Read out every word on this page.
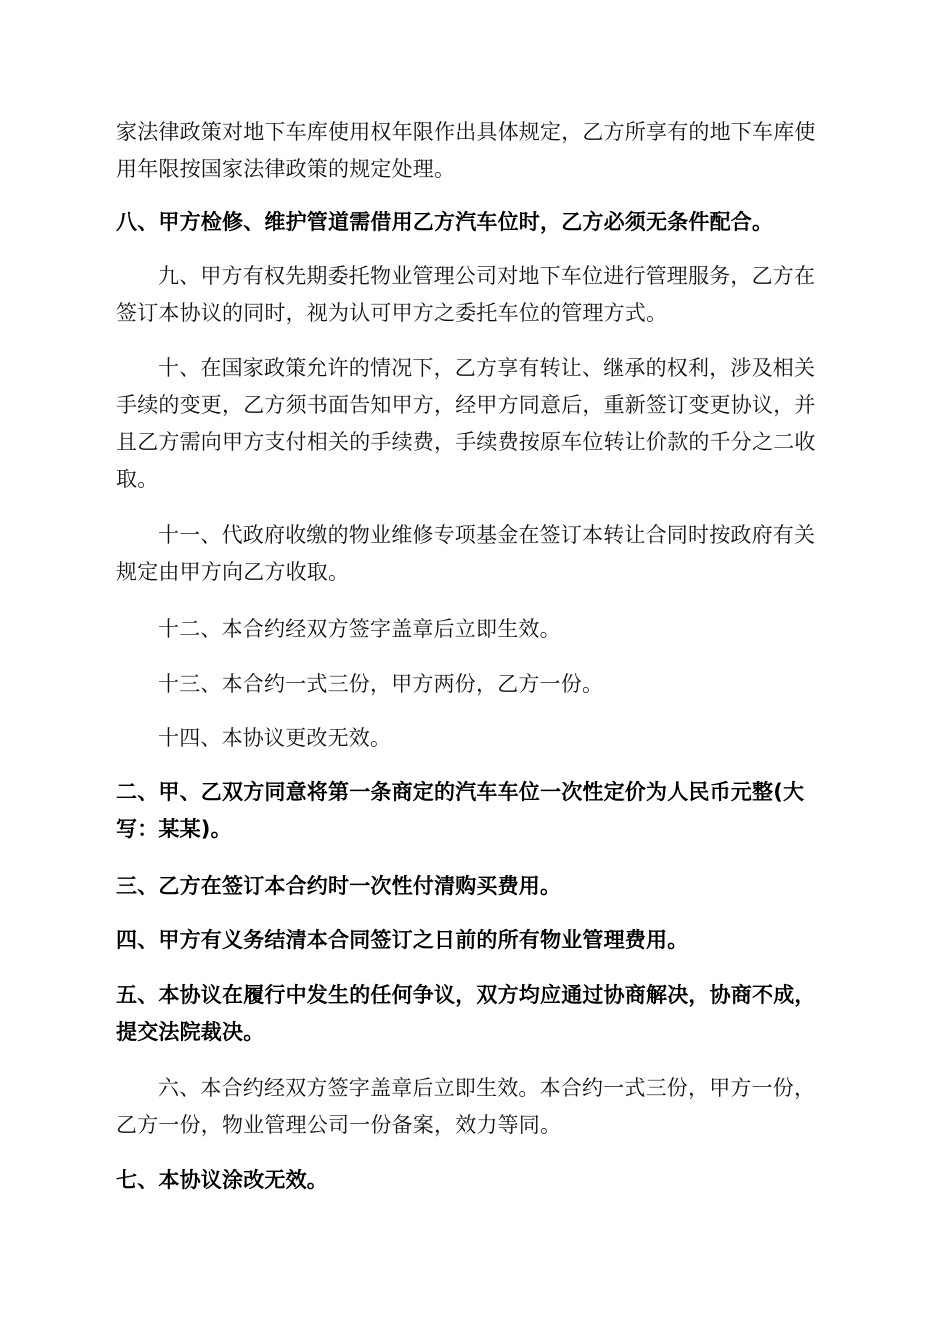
家法律政策对地下车库使用权年限作出具体规定，乙方所享有的地下车库使用年限按国家法律政策的规定处理。

八、甲方检修、维护管道需借用乙方汽车位时，乙方必须无条件配合。

九、甲方有权先期委托物业管理公司对地下车位进行管理服务，乙方在签订本协议的同时，视为认可甲方之委托车位的管理方式。

十、在国家政策允许的情况下，乙方享有转让、继承的权利，涉及相关手续的变更，乙方须书面告知甲方，经甲方同意后，重新签订变更协议，并且乙方需向甲方支付相关的手续费，手续费按原车位转让价款的千分之二收取。

十一、代政府收缴的物业维修专项基金在签订本转让合同时按政府有关规定由甲方向乙方收取。

十二、本合约经双方签字盖章后立即生效。

十三、本合约一式三份，甲方两份，乙方一份。

十四、本协议更改无效。

二、甲、乙双方同意将第一条商定的汽车车位一次性定价为人民币元整(大写：某某)。

三、乙方在签订本合约时一次性付清购买费用。

四、甲方有义务结清本合同签订之日前的所有物业管理费用。

五、本协议在履行中发生的任何争议，双方均应通过协商解决，协商不成，提交法院裁决。

六、本合约经双方签字盖章后立即生效。本合约一式三份，甲方一份，乙方一份，物业管理公司一份备案，效力等同。

七、本协议涂改无效。
